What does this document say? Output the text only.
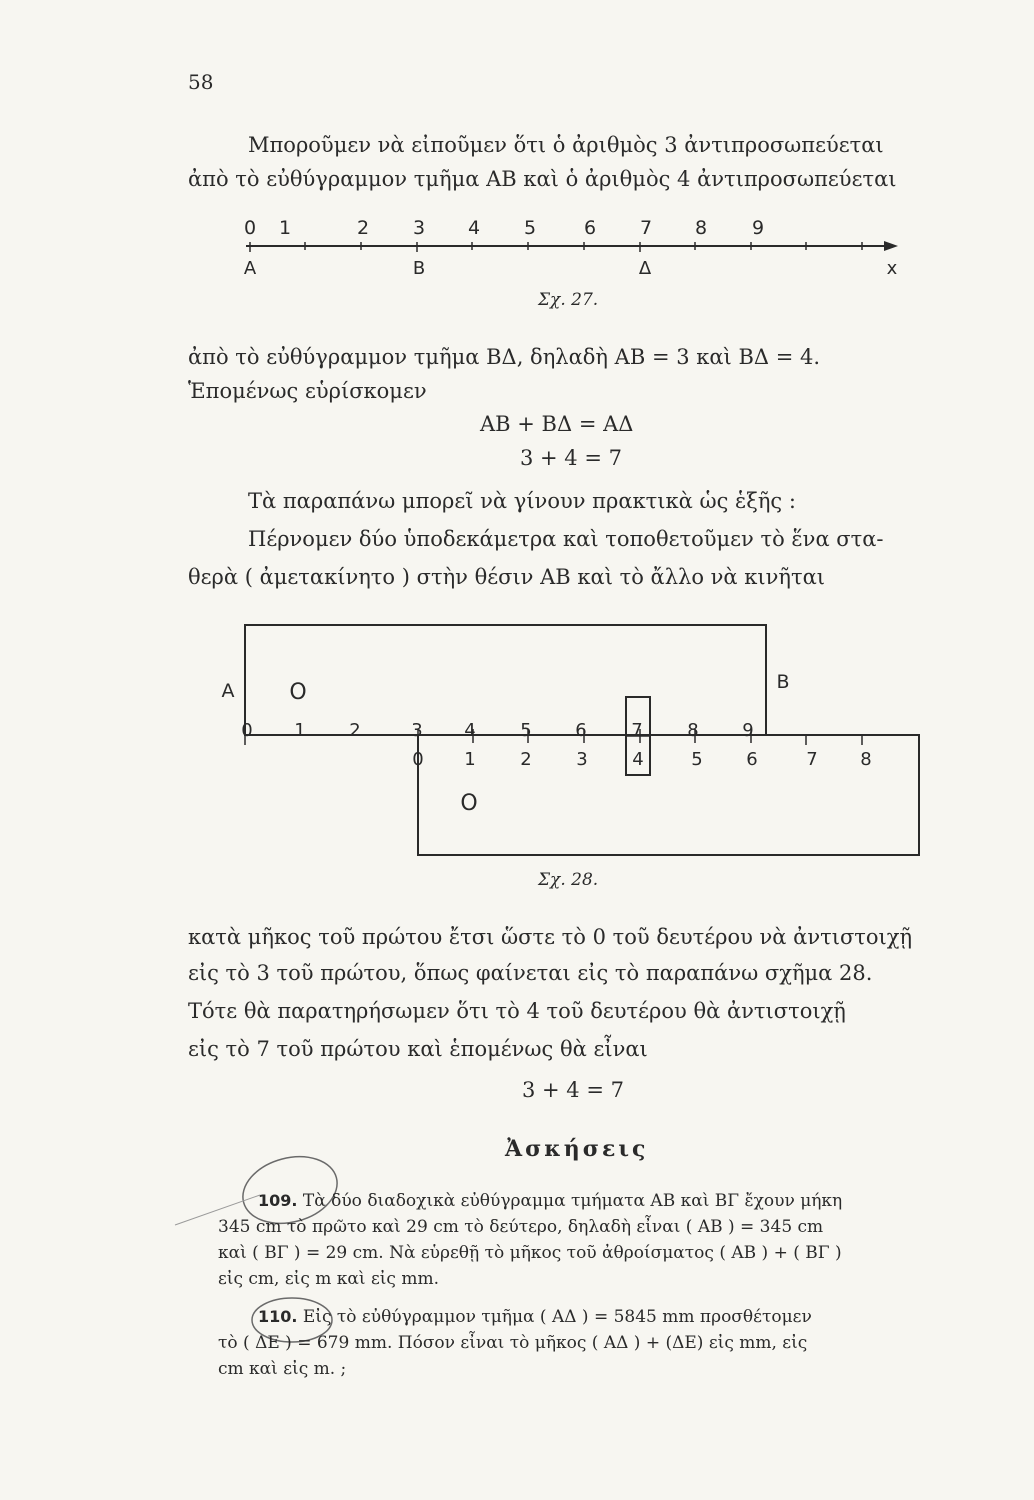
58
Μποροῦμεν νὰ εἰποῦμεν ὅτι ὁ ἀριθμὸς 3 ἀντιπροσωπεύεται
ἀπὸ τὸ εὐθύγραμμον τμῆμα ΑΒ καὶ ὁ ἀριθμὸς 4 ἀντιπροσωπεύεται
0 1	2 3 4 5	6 7 8 9
A	B	Δ	x
Σχ. 27.
ἀπὸ τὸ εὐθύγραμμον τμῆμα ΒΔ, δηλαδὴ ΑΒ = 3 καὶ ΒΔ = 4.
Ἑπομένως εὑρίσκομεν
ΑΒ + ΒΔ = ΑΔ
3 + 4 = 7
Τὰ παραπάνω μπορεῖ νὰ γίνουν πρακτικὰ ὡς ἑξῆς :
Πέρνομεν δύο ὑποδεκάμετρα καὶ τοποθετοῦμεν τὸ ἕνα στα-
θερὰ ( ἀμετακίνητο ) στὴν θέσιν ΑΒ καὶ τὸ ἄλλο νὰ κινῆται
A	B
O
0 1 2	3 4 5 6 7 8 9
0 1 2 3 4	5 6	7 8
O
Σχ. 28.
κατὰ μῆκος τοῦ πρώτου ἔτσι ὥστε τὸ 0 τοῦ δευτέρου νὰ ἀντιστοιχῇ
εἰς τὸ 3 τοῦ πρώτου, ὅπως φαίνεται εἰς τὸ παραπάνω σχῆμα 28.
Τότε θὰ παρατηρήσωμεν ὅτι τὸ 4 τοῦ δευτέρου θὰ ἀντιστοιχῇ
εἰς τὸ 7 τοῦ πρώτου καὶ ἑπομένως θὰ εἶναι
3 + 4 = 7
Ἀσκήσεις
109. Τὰ δύο διαδοχικὰ εὐθύγραμμα τμήματα ΑΒ καὶ ΒΓ ἔχουν μήκη
345 cm τὸ πρῶτο καὶ 29 cm τὸ δεύτερο, δηλαδὴ εἶναι ( ΑΒ ) = 345 cm
καὶ ( ΒΓ ) = 29 cm. Νὰ εὑρεθῇ τὸ μῆκος τοῦ ἀθροίσματος ( ΑΒ ) + ( ΒΓ )
εἰς cm, εἰς m καὶ εἰς mm.
110. Εἰς τὸ εὐθύγραμμον τμῆμα ( ΑΔ ) = 5845 mm προσθέτομεν
τὸ ( ΔΕ ) = 679 mm. Πόσον εἶναι τὸ μῆκος ( ΑΔ ) + (ΔΕ) εἰς mm, εἰς
cm καὶ εἰς m. ;
